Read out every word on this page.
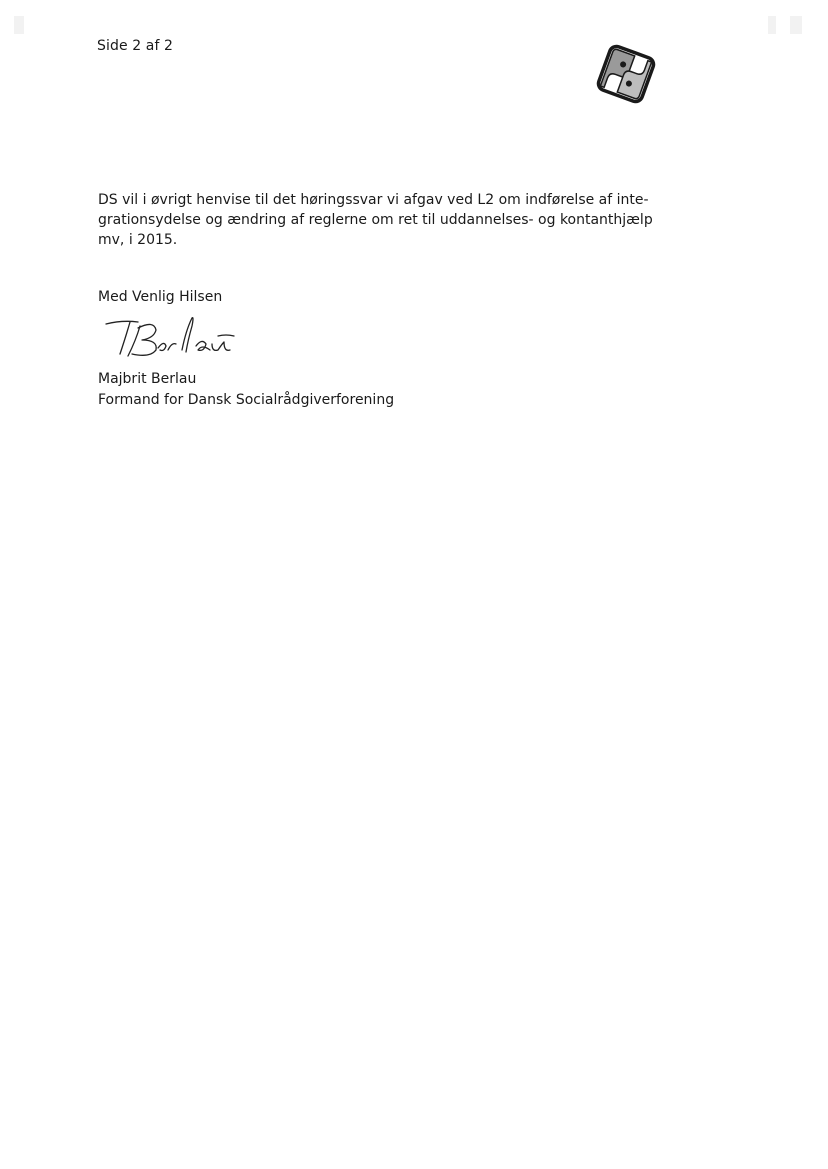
Side 2 af 2

DS vil i øvrigt henvise til det høringssvar vi afgav ved L2 om indførelse af inte-
grationsydelse og ændring af reglerne om ret til uddannelses- og kontanthjælp
mv, i 2015.

Med Venlig Hilsen
Majbrit Berlau
Formand for Dansk Socialrådgiverforening
